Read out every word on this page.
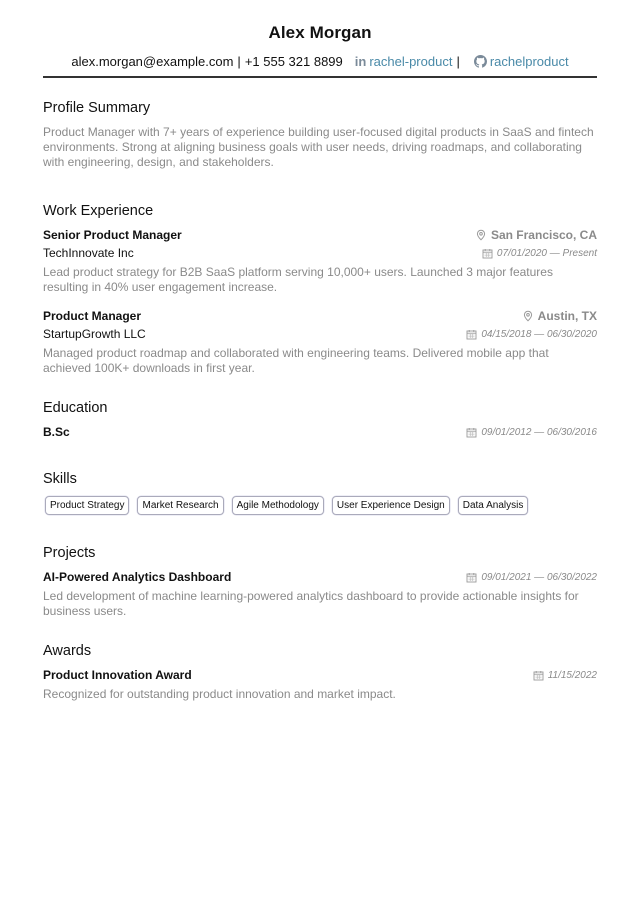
Alex Morgan
alex.morgan@example.com | +1 555 321 8899 in rachel-product | rachelproduct
Profile Summary
Product Manager with 7+ years of experience building user-focused digital products in SaaS and fintech environments. Strong at aligning business goals with user needs, driving roadmaps, and collaborating with engineering, design, and stakeholders.
Work Experience
Senior Product Manager	San Francisco, CA
TechInnovate Inc	07/01/2020 — Present
Lead product strategy for B2B SaaS platform serving 10,000+ users. Launched 3 major features resulting in 40% user engagement increase.
Product Manager	Austin, TX
StartupGrowth LLC	04/15/2018 — 06/30/2020
Managed product roadmap and collaborated with engineering teams. Delivered mobile app that achieved 100K+ downloads in first year.
Education
B.Sc	09/01/2012 — 06/30/2016
Skills
Product Strategy	Market Research	Agile Methodology	User Experience Design	Data Analysis
Projects
AI-Powered Analytics Dashboard	09/01/2021 — 06/30/2022
Led development of machine learning-powered analytics dashboard to provide actionable insights for business users.
Awards
Product Innovation Award	11/15/2022
Recognized for outstanding product innovation and market impact.
